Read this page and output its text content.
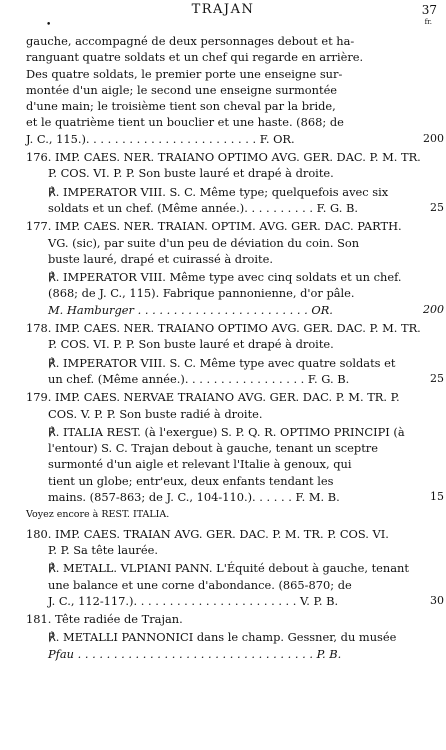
TRAJAN	37
fr.
•
gauche, accompagné de deux personnages debout et ha-
ranguant quatre soldats et un chef qui regarde en arrière.
Des quatre soldats, le premier porte une enseigne sur-
montée d'un aigle; le second une enseigne surmontée
d'une main; le troisième tient son cheval par la bride,
et le quatrième tient un bouclier et une haste. (868; de
J. C., 115.). . . . . . . . . . . . . . . . . . . . . . . . F. OR.	200
176. IMP. CAES. NER. TRAIANO OPTIMO AVG. GER. DAC. P. M. TR.
P. COS. VI. P. P. Son buste lauré et drapé à droite.
℟. IMPERATOR VIII. S. C. Même type; quelquefois avec six
soldats et un chef. (Même année.). . . . . . . . . . F. G. B.	25
177. IMP. CAES. NER. TRAIAN. OPTIM. AVG. GER. DAC. PARTH.
VG. (sic), par suite d'un peu de déviation du coin. Son
buste lauré, drapé et cuirassé à droite.
℟. IMPERATOR VIII. Même type avec cinq soldats et un chef.
(868; de J. C., 115). Fabrique pannonienne, d'or pâle.
M. Hamburger . . . . . . . . . . . . . . . . . . . . . . . . OR.	200
178. IMP. CAES. NER. TRAIANO OPTIMO AVG. GER. DAC. P. M. TR.
P. COS. VI. P. P. Son buste lauré et drapé à droite.
℟. IMPERATOR VIII. S. C. Même type avec quatre soldats et
un chef. (Même année.). . . . . . . . . . . . . . . . . F. G. B.	25
179. IMP. CAES. NERVAE TRAIANO AVG. GER. DAC. P. M. TR. P.
COS. V. P. P. Son buste radié à droite.
℟. ITALIA REST. (à l'exergue) S. P. Q. R. OPTIMO PRINCIPI (à
l'entour) S. C. Trajan debout à gauche, tenant un sceptre
surmonté d'un aigle et relevant l'Italie à genoux, qui
tient un globe; entr'eux, deux enfants tendant les
mains. (857-863; de J. C., 104-110.). . . . . . F. M. B.	15
Voyez encore à REST. ITALIA.
180. IMP. CAES. TRAIAN AVG. GER. DAC. P. M. TR. P. COS. VI.
P. P. Sa tête laurée.
℟. METALL. VLPIANI PANN. L'Équité debout à gauche, tenant
une balance et une corne d'abondance. (865-870; de
J. C., 112-117.). . . . . . . . . . . . . . . . . . . . . . . V. P. B.	30
181. Tête radiée de Trajan.
℟. METALLI PANNONICI dans le champ. Gessner, du musée
Pfau . . . . . . . . . . . . . . . . . . . . . . . . . . . . . . . . . P. B.
